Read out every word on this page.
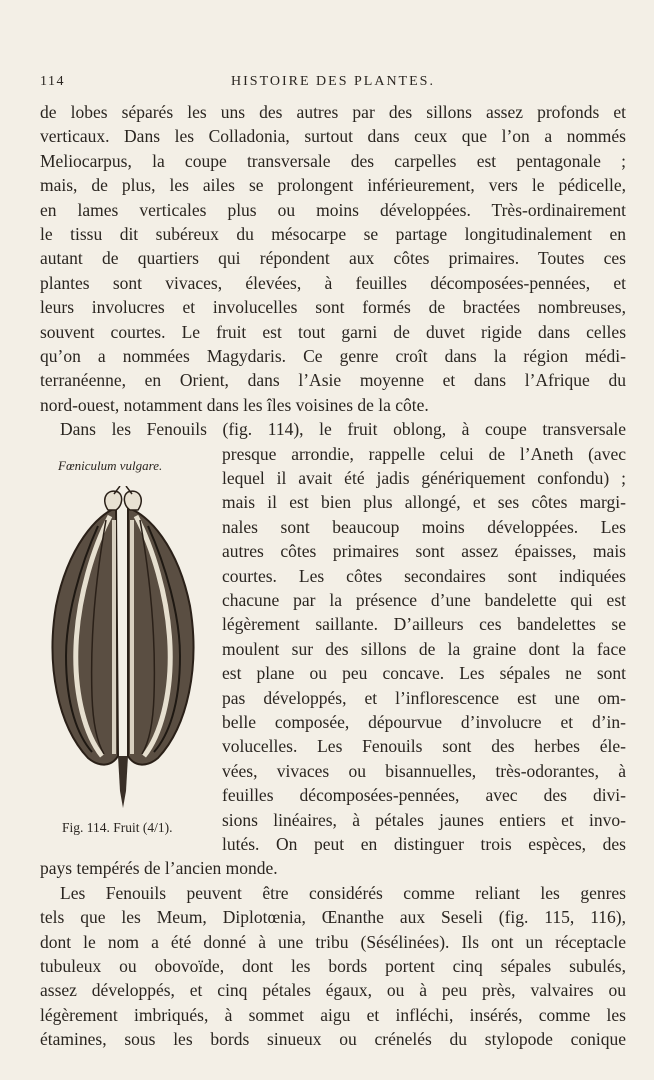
114	HISTOIRE DES PLANTES.
de lobes séparés les uns des autres par des sillons assez profonds et
verticaux. Dans les Colladonia, surtout dans ceux que l’on a nommés
Meliocarpus, la coupe transversale des carpelles est pentagonale ;
mais, de plus, les ailes se prolongent inférieurement, vers le pédicelle,
en lames verticales plus ou moins développées. Très-ordinairement
le tissu dit subéreux du mésocarpe se partage longitudinalement en
autant de quartiers qui répondent aux côtes primaires. Toutes ces
plantes sont vivaces, élevées, à feuilles décomposées-pennées, et
leurs involucres et involucelles sont formés de bractées nombreuses,
souvent courtes. Le fruit est tout garni de duvet rigide dans celles
qu’on a nommées Magydaris. Ce genre croît dans la région médi-
terranéenne, en Orient, dans l’Asie moyenne et dans l’Afrique du
nord-ouest, notamment dans les îles voisines de la côte.
Dans les Fenouils (fig. 114), le fruit oblong, à coupe transversale
presque arrondie, rappelle celui de l’Aneth (avec
lequel il avait été jadis génériquement confondu) ;
mais il est bien plus allongé, et ses côtes margi-
nales sont beaucoup moins développées. Les
autres côtes primaires sont assez épaisses, mais
courtes. Les côtes secondaires sont indiquées
chacune par la présence d’une bandelette qui est
légèrement saillante. D’ailleurs ces bandelettes se
moulent sur des sillons de la graine dont la face
est plane ou peu concave. Les sépales ne sont
pas développés, et l’inflorescence est une om-
belle composée, dépourvue d’involucre et d’in-
volucelles. Les Fenouils sont des herbes éle-
vées, vivaces ou bisannuelles, très-odorantes, à
feuilles décomposées-pennées, avec des divi-
sions linéaires, à pétales jaunes entiers et invo-
lutés. On peut en distinguer trois espèces, des
pays tempérés de l’ancien monde.
Les Fenouils peuvent être considérés comme reliant les genres
tels que les Meum, Diplotœnia, Œnanthe aux Seseli (fig. 115, 116),
dont le nom a été donné à une tribu (Sésélinées). Ils ont un réceptacle
tubuleux ou obovoïde, dont les bords portent cinq sépales subulés,
assez développés, et cinq pétales égaux, ou à peu près, valvaires ou
légèrement imbriqués, à sommet aigu et infléchi, insérés, comme les
étamines, sous les bords sinueux ou crénelés du stylopode conique
Fœniculum vulgare.
Fig. 114. Fruit (4/1).
